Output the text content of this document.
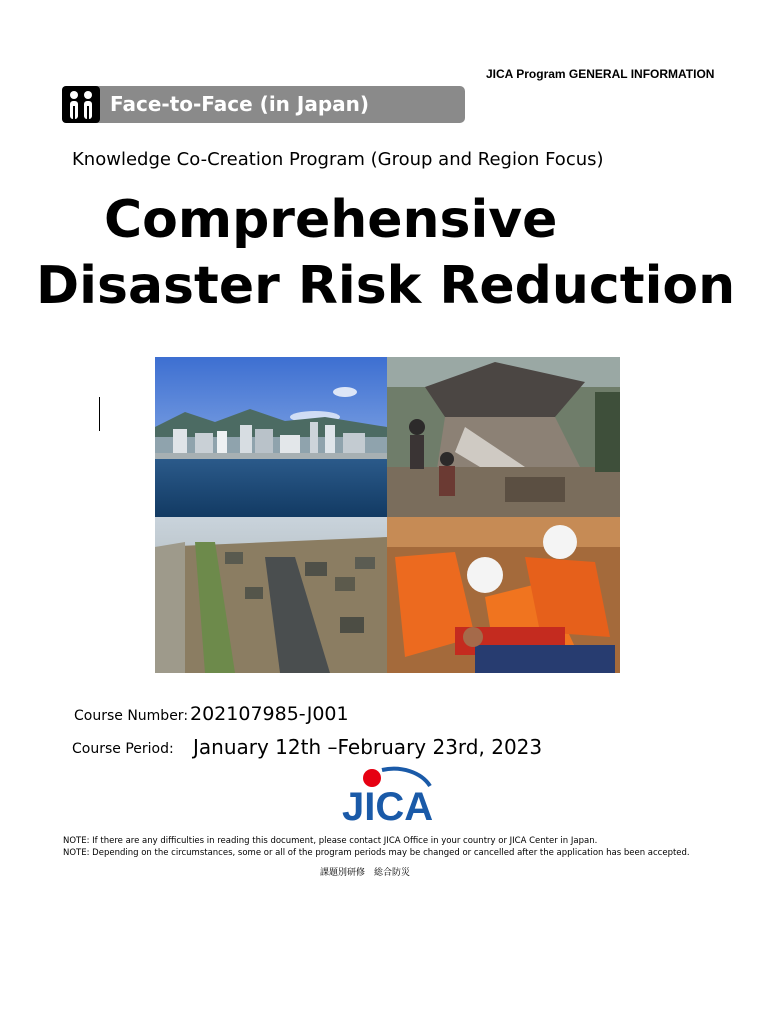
JICA Program GENERAL INFORMATION
Face-to-Face (in Japan)
Knowledge Co-Creation Program (Group and Region Focus)
Comprehensive
Disaster Risk Reduction
Course Number: 202107985-J001
Course Period: January 12th –February 23rd, 2023
JICA
NOTE: If there are any difficulties in reading this document, please contact JICA Office in your country or JICA Center in Japan.
NOTE: Depending on the circumstances, some or all of the program periods may be changed or cancelled after the application has been accepted.
課題別研修　総合防災
